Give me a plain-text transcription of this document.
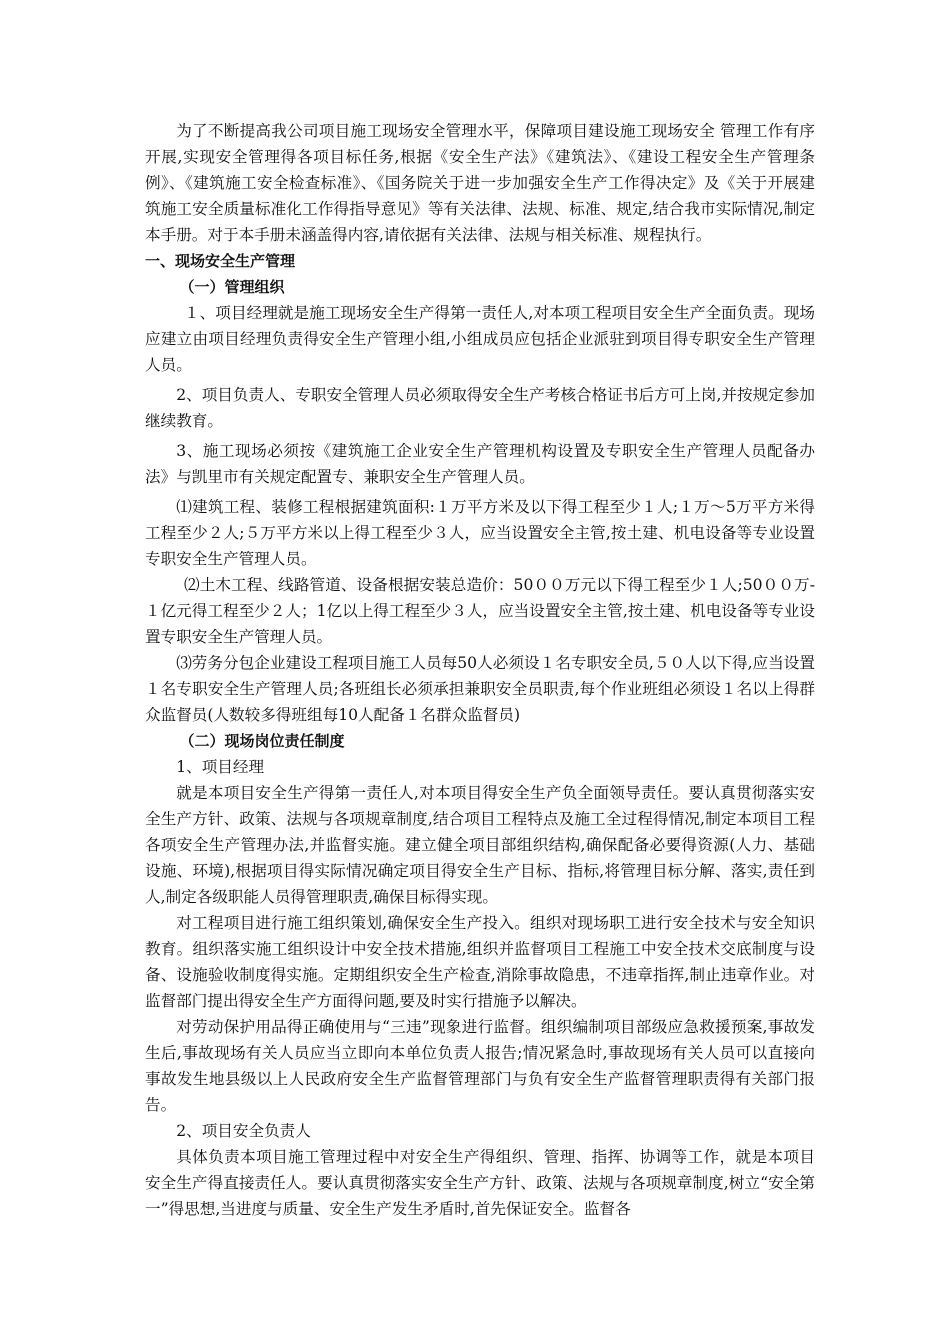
为了不断提高我公司项目施工现场安全管理水平，保障项目建设施工现场安全 管理工作有序开展,实现安全管理得各项目标任务,根据《安全生产法》《建筑法》、《建设工程安全生产管理条例》、《建筑施工安全检查标准》、《国务院关于进一步加强安全生产工作得决定》及《关于开展建筑施工安全质量标准化工作得指导意见》等有关法律、法规、标准、规定,结合我市实际情况,制定本手册。对于本手册未涵盖得内容,请依据有关法律、法规与相关标准、规程执行。

一、现场安全生产管理

（一）管理组织

１、项目经理就是施工现场安全生产得第一责任人,对本项工程项目安全生产全面负责。现场应建立由项目经理负责得安全生产管理小组,小组成员应包括企业派驻到项目得专职安全生产管理人员。

2、项目负责人、专职安全管理人员必须取得安全生产考核合格证书后方可上岗,并按规定参加继续教育。

3、施工现场必须按《建筑施工企业安全生产管理机构设置及专职安全生产管理人员配备办法》与凯里市有关规定配置专、兼职安全生产管理人员。

⑴建筑工程、装修工程根据建筑面积:１万平方米及以下得工程至少１人;１万～5万平方米得工程至少２人;５万平方米以上得工程至少３人，应当设置安全主管,按土建、机电设备等专业设置专职安全生产管理人员。

⑵土木工程、线路管道、设备根据安装总造价：50００万元以下得工程至少１人;50００万-１亿元得工程至少２人；1亿以上得工程至少３人，应当设置安全主管,按土建、机电设备等专业设置专职安全生产管理人员。

⑶劳务分包企业建设工程项目施工人员每50人必须设１名专职安全员,５０人以下得,应当设置１名专职安全生产管理人员;各班组长必须承担兼职安全员职责,每个作业班组必须设１名以上得群众监督员(人数较多得班组每10人配备１名群众监督员)

（二）现场岗位责任制度

1、项目经理

就是本项目安全生产得第一责任人,对本项目得安全生产负全面领导责任。要认真贯彻落实安全生产方针、政策、法规与各项规章制度,结合项目工程特点及施工全过程得情况,制定本项目工程各项安全生产管理办法,并监督实施。建立健全项目部组织结构,确保配备必要得资源(人力、基础设施、环境),根据项目得实际情况确定项目得安全生产目标、指标,将管理目标分解、落实,责任到人,制定各级职能人员得管理职责,确保目标得实现。

对工程项目进行施工组织策划,确保安全生产投入。组织对现场职工进行安全技术与安全知识教育。组织落实施工组织设计中安全技术措施,组织并监督项目工程施工中安全技术交底制度与设备、设施验收制度得实施。定期组织安全生产检查,消除事故隐患，不违章指挥,制止违章作业。对监督部门提出得安全生产方面得问题,要及时实行措施予以解决。

对劳动保护用品得正确使用与“三违”现象进行监督。组织编制项目部级应急救援预案,事故发生后,事故现场有关人员应当立即向本单位负责人报告;情况紧急时,事故现场有关人员可以直接向事故发生地县级以上人民政府安全生产监督管理部门与负有安全生产监督管理职责得有关部门报告。

2、项目安全负责人

具体负责本项目施工管理过程中对安全生产得组织、管理、指挥、协调等工作，就是本项目安全生产得直接责任人。要认真贯彻落实安全生产方针、政策、法规与各项规章制度,树立“安全第一”得思想,当进度与质量、安全生产发生矛盾时,首先保证安全。监督各
